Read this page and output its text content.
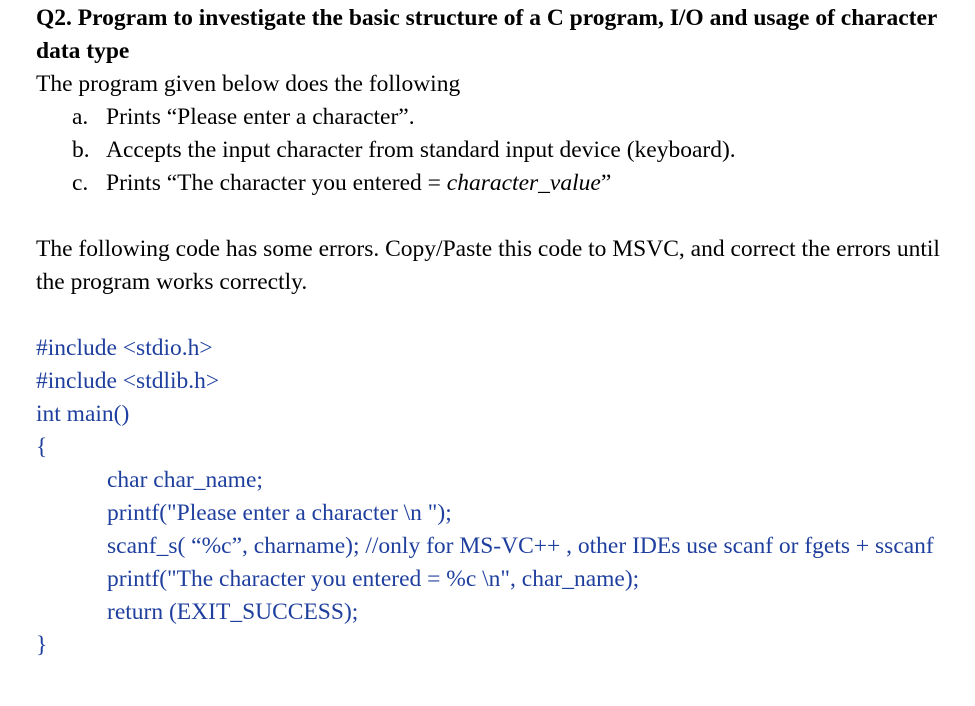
Q2. Program to investigate the basic structure of a C program, I/O and usage of character
data type
The program given below does the following
a. Prints “Please enter a character”.
b. Accepts the input character from standard input device (keyboard).
c. Prints “The character you entered = character_value”
The following code has some errors. Copy/Paste this code to MSVC, and correct the errors until
the program works correctly.
#include <stdio.h>
#include <stdlib.h>
int main()
{
char char_name;
printf("Please enter a character \n ");
scanf_s( “%c”, charname); //only for MS-VC++ , other IDEs use scanf or fgets + sscanf
printf("The character you entered = %c \n", char_name);
return (EXIT_SUCCESS);
}
